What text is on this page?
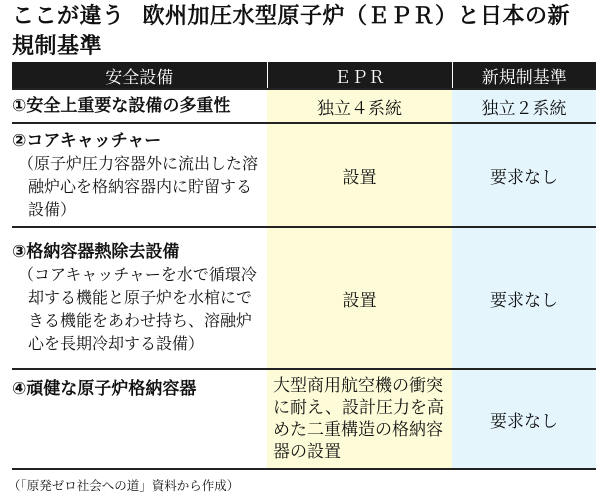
ここが違う 欧州加圧水型原子炉（ＥＰＲ）と日本の新規制基準
安全設備	ＥＰＲ	新規制基準

①安全上重要な設備の多重性	独立４系統	独立２系統

②コアキャッチャー
（原子炉圧力容器外に流出した溶融炉心を格納容器内に貯留する設備）	設置	要求なし

③格納容器熱除去設備
（コアキャッチャーを水で循環冷却する機能と原子炉を水棺にできる機能をあわせ持ち、溶融炉心を長期冷却する設備）	設置	要求なし

④頑健な原子炉格納容器	大型商用航空機の衝突に耐え、設計圧力を高めた二重構造の格納容器の設置	要求なし
（「原発ゼロ社会への道」資料から作成）
